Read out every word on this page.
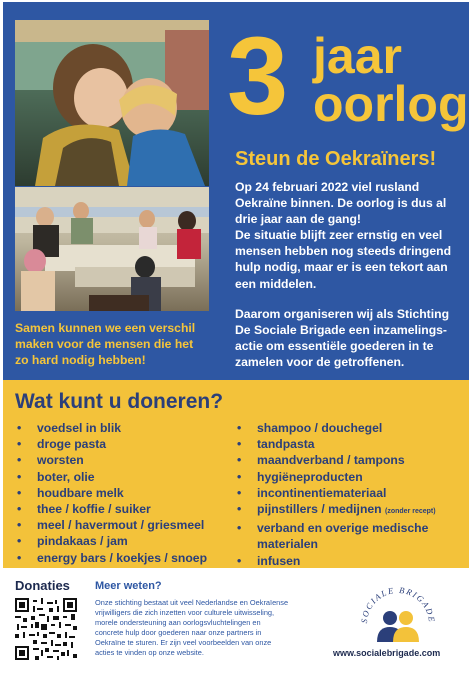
3 jaar
oorlog
Steun de Oekraïners!
Op 24 februari 2022 viel rusland
Oekraïne binnen. De oorlog is dus al
drie jaar aan de gang!
De situatie blijft zeer ernstig en veel
mensen hebben nog steeds dringend
hulp nodig, maar er is een tekort aan
een middelen.
Samen kunnen we een verschil
maken voor de mensen die het
zo hard nodig hebben!
Daarom organiseren wij als Stichting
De Sociale Brigade een inzamelings-
actie om essentiële goederen in te
zamelen voor de getroffenen.
Wat kunt u doneren?
• voedsel in blik
• droge pasta
• worsten
• boter, olie
• houdbare melk
• thee / koffie / suiker
• meel / havermout / griesmeel
• pindakaas / jam
• energy bars / koekjes / snoep
• shampoo / douchegel
• tandpasta
• maandverband / tampons
• hygiëneproducten
• incontinentiemateriaal
• pijnstillers / medijnen (zonder recept)
• verband en overige medische
materialen
• infusen
Donaties Meer weten?
Onze stichting bestaat uit veel Nederlandse en Oekraïense
vrijwilligers die zich inzetten voor culturele uitwisseling,
morele ondersteuning aan oorlogsvluchtelingen en
concrete hulp door goederen naar onze partners in
Oekraïne te sturen. Er zijn veel voorbeelden van onze
acties te vinden op onze website.
SOCIALE BRIGADE
www.socialebrigade.com
